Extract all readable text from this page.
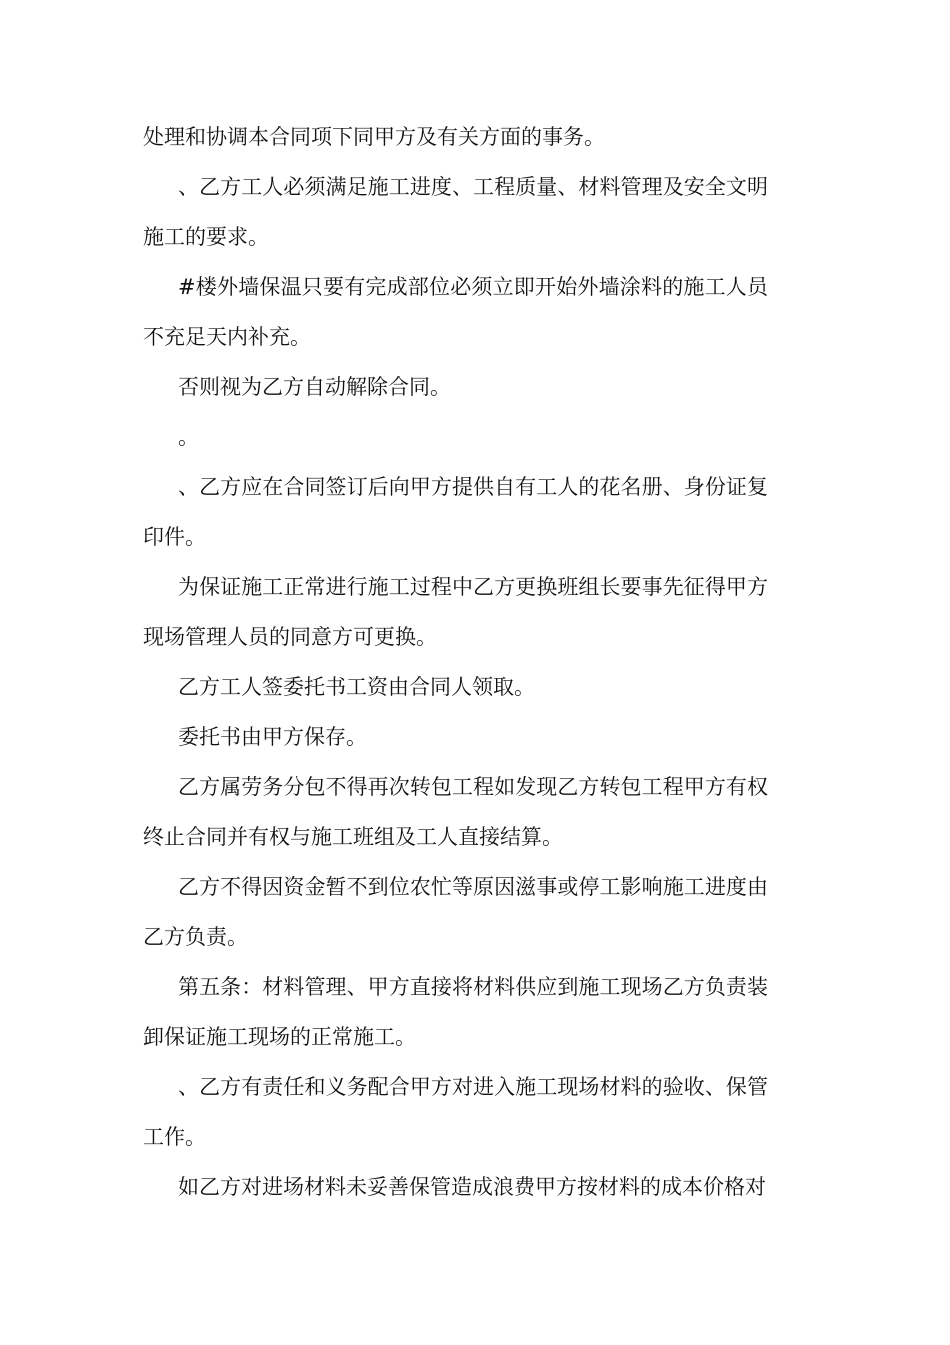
处理和协调本合同项下同甲方及有关方面的事务。

、乙方工人必须满足施工进度、工程质量、材料管理及安全文明施工的要求。

#楼外墙保温只要有完成部位必须立即开始外墙涂料的施工人员不充足天内补充。

否则视为乙方自动解除合同。

。

、乙方应在合同签订后向甲方提供自有工人的花名册、身份证复印件。

为保证施工正常进行施工过程中乙方更换班组长要事先征得甲方现场管理人员的同意方可更换。

乙方工人签委托书工资由合同人领取。

委托书由甲方保存。

乙方属劳务分包不得再次转包工程如发现乙方转包工程甲方有权终止合同并有权与施工班组及工人直接结算。

乙方不得因资金暂不到位农忙等原因滋事或停工影响施工进度由乙方负责。

第五条：材料管理、甲方直接将材料供应到施工现场乙方负责装卸保证施工现场的正常施工。

、乙方有责任和义务配合甲方对进入施工现场材料的验收、保管工作。

如乙方对进场材料未妥善保管造成浪费甲方按材料的成本价格对
